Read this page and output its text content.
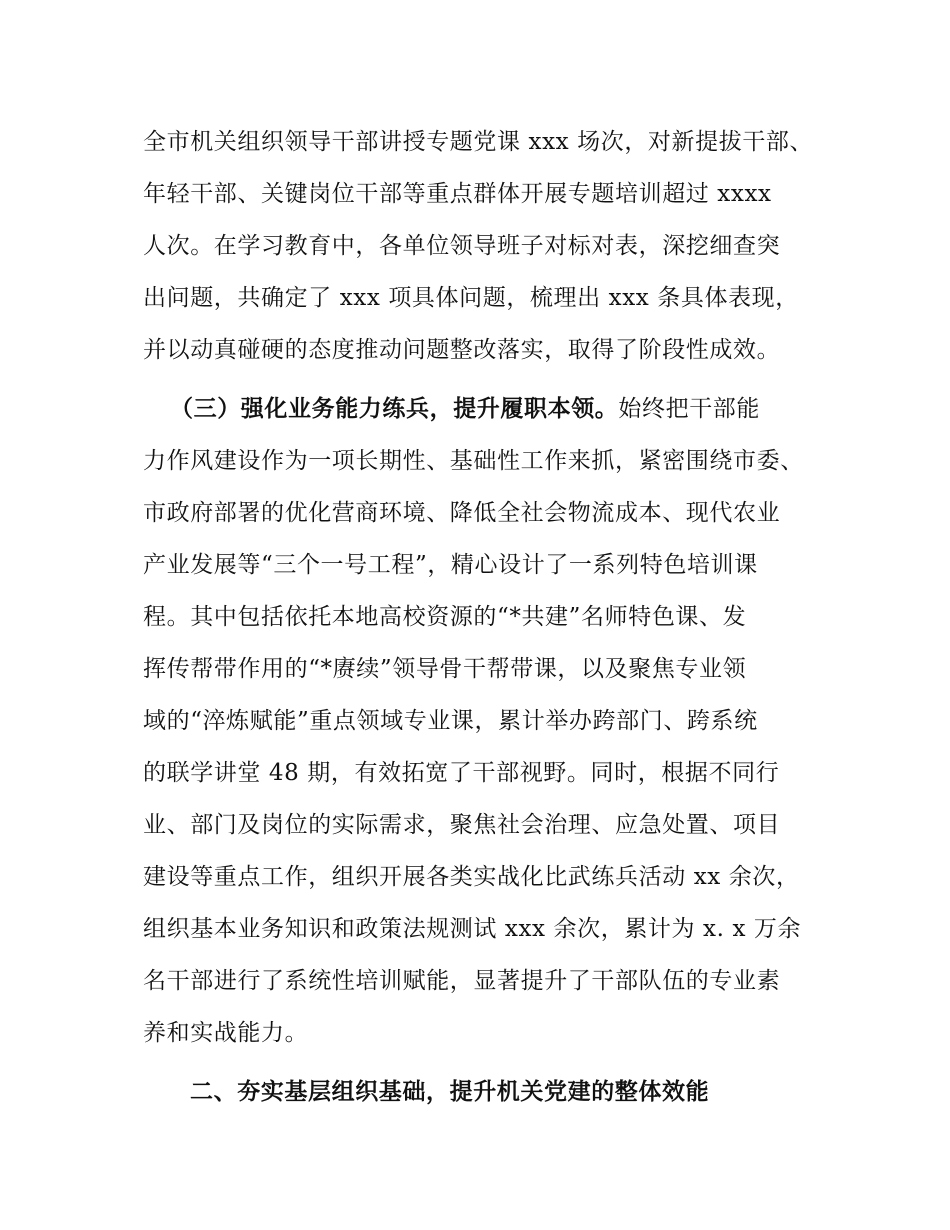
全市机关组织领导干部讲授专题党课 xxx 场次，对新提拔干部、
年轻干部、关键岗位干部等重点群体开展专题培训超过 xxxx
人次。在学习教育中，各单位领导班子对标对表，深挖细查突
出问题，共确定了 xxx 项具体问题，梳理出 xxx 条具体表现，
并以动真碰硬的态度推动问题整改落实，取得了阶段性成效。
（三）强化业务能力练兵，提升履职本领。始终把干部能
力作风建设作为一项长期性、基础性工作来抓，紧密围绕市委、
市政府部署的优化营商环境、降低全社会物流成本、现代农业
产业发展等“三个一号工程”，精心设计了一系列特色培训课
程。其中包括依托本地高校资源的“*共建”名师特色课、发
挥传帮带作用的“*赓续”领导骨干帮带课，以及聚焦专业领
域的“淬炼赋能”重点领域专业课，累计举办跨部门、跨系统
的联学讲堂 48 期，有效拓宽了干部视野。同时，根据不同行
业、部门及岗位的实际需求，聚焦社会治理、应急处置、项目
建设等重点工作，组织开展各类实战化比武练兵活动 xx 余次，
组织基本业务知识和政策法规测试 xxx 余次，累计为 x. x 万余
名干部进行了系统性培训赋能，显著提升了干部队伍的专业素
养和实战能力。
二、夯实基层组织基础，提升机关党建的整体效能
